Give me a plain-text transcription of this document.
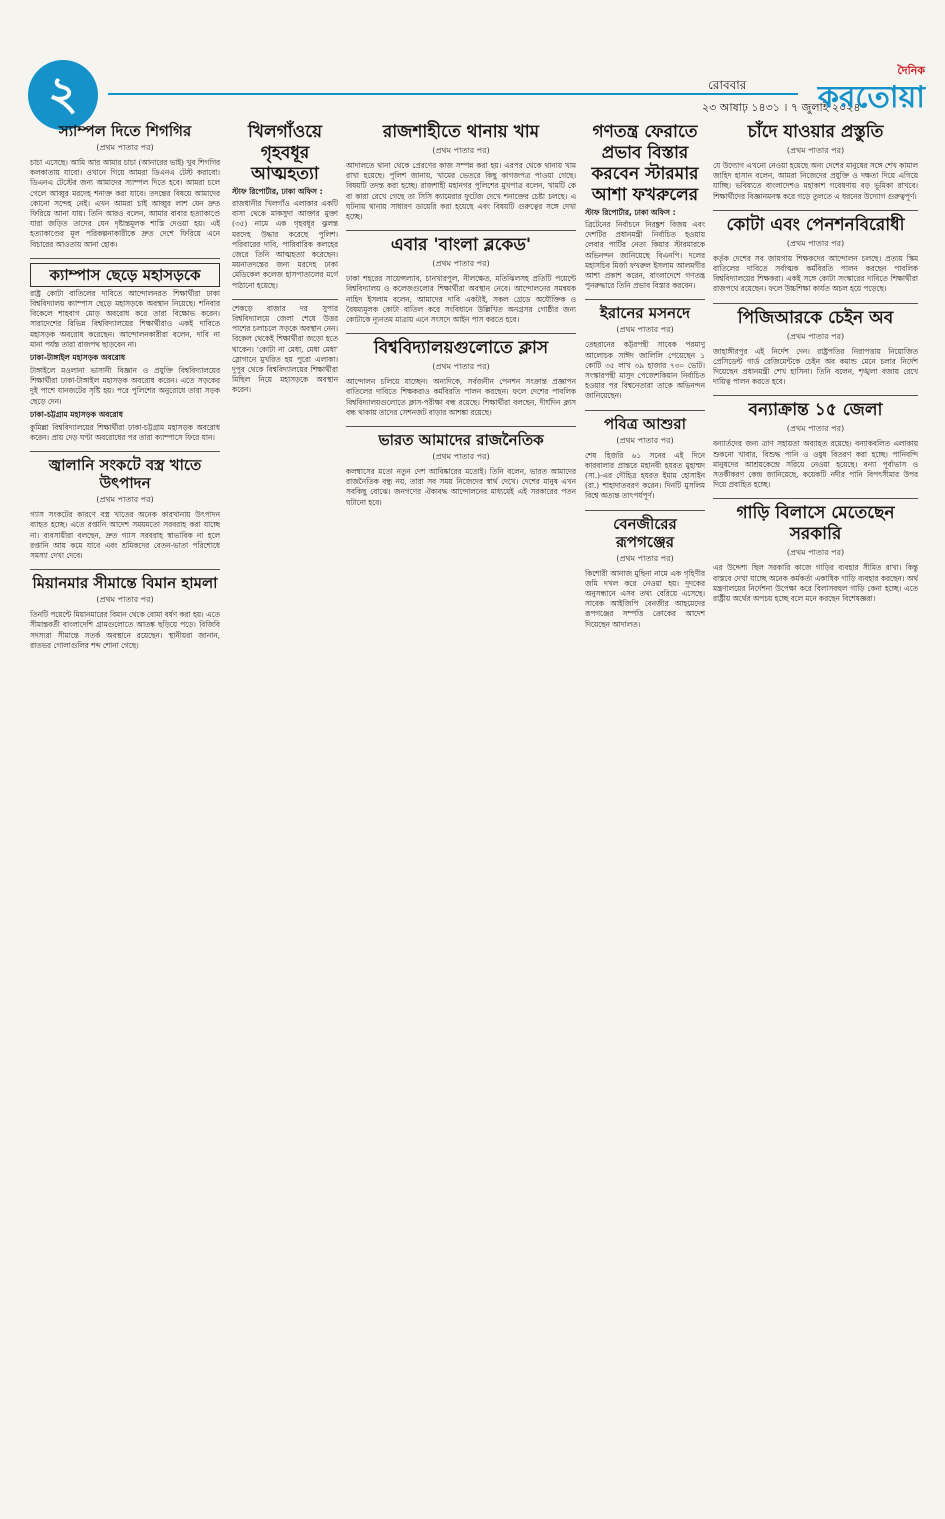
২	রোববার
২৩ আষাঢ় ১৪৩১ । ৭ জুলাই ২০২৪
দৈনিক
করতোয়া
স্যাম্পল দিতে শিগগির
(প্রথম পাতার পর)
চাচা এসেছে। আমি আর আমার চাচা (আনারের ভাই) খুব শিগগির কলকাতায় যাবো। ওখানে গিয়ে আমরা ডিএনএ টেস্ট করাবো। ডিএনএ টেস্টের জন্য আমাদের স্যাম্পল দিতে হবে। আমরা চলে গেলে আব্বুর মরদেহ শনাক্ত করা যাবে। তদন্তের বিষয়ে আমাদের কোনো সন্দেহ নেই। এখন আমরা চাই আব্বুর লাশ যেন দ্রুত ফিরিয়ে আনা যায়। তিনি আরও বলেন, আমার বাবার হত্যাকাণ্ডে যারা জড়িত তাদের যেন দৃষ্টান্তমূলক শাস্তি দেওয়া হয়। এই হত্যাকাণ্ডের মূল পরিকল্পনাকারীকে দ্রুত দেশে ফিরিয়ে এনে বিচারের আওতায় আনা হোক।
ক্যাম্পাস ছেড়ে মহাসড়কে
রাষ্ট্র কোটা বাতিলের দাবিতে আন্দোলনরত শিক্ষার্থীরা ঢাকা বিশ্ববিদ্যালয় ক্যাম্পাস ছেড়ে মহাসড়কে অবস্থান নিয়েছে। শনিবার বিকেলে শাহবাগ মোড় অবরোধ করে তারা বিক্ষোভ করেন। সারাদেশের বিভিন্ন বিশ্ববিদ্যালয়ের শিক্ষার্থীরাও একই দাবিতে মহাসড়ক অবরোধ করেছেন। আন্দোলনকারীরা বলেন, দাবি না মানা পর্যন্ত তারা রাজপথ ছাড়বেন না।
ঢাকা-টাঙ্গাইল মহাসড়ক অবরোধ
টাঙ্গাইলে মওলানা ভাসানী বিজ্ঞান ও প্রযুক্তি বিশ্ববিদ্যালয়ের শিক্ষার্থীরা ঢাকা-টাঙ্গাইল মহাসড়ক অবরোধ করেন। এতে সড়কের দুই পাশে যানজটের সৃষ্টি হয়। পরে পুলিশের অনুরোধে তারা সড়ক ছেড়ে দেন।
ঢাকা-চট্টগ্রাম মহাসড়ক অবরোধ
কুমিল্লা বিশ্ববিদ্যালয়ের শিক্ষার্থীরা ঢাকা-চট্টগ্রাম মহাসড়ক অবরোধ করেন। প্রায় দেড় ঘণ্টা অবরোধের পর তারা ক্যাম্পাসে ফিরে যান।
জ্বালানি সংকটে বস্ত্র খাতে উৎপাদন
(প্রথম পাতার পর)
গ্যাস সংকটের কারণে বস্ত্র খাতের অনেক কারখানায় উৎপাদন ব্যাহত হচ্ছে। এতে রপ্তানি আদেশ সময়মতো সরবরাহ করা যাচ্ছে না। ব্যবসায়ীরা বলছেন, দ্রুত গ্যাস সরবরাহ স্বাভাবিক না হলে রপ্তানি আয় কমে যাবে এবং শ্রমিকদের বেতন-ভাতা পরিশোধে সমস্যা দেখা দেবে।
মিয়ানমার সীমান্তে বিমান হামলা
(প্রথম পাতার পর)
তিনটি পয়েন্টে মিয়ানমারের বিমান থেকে বোমা বর্ষণ করা হয়। এতে সীমান্তবর্তী বাংলাদেশি গ্রামগুলোতে আতঙ্ক ছড়িয়ে পড়ে। বিজিবি সদস্যরা সীমান্তে সতর্ক অবস্থানে রয়েছেন। স্থানীয়রা জানান, রাতভর গোলাগুলির শব্দ শোনা গেছে।
খিলগাঁওয়ে গৃহবধূর আত্মহত্যা
স্টাফ রিপোর্টার, ঢাকা অফিস :
রাজধানীর খিলগাঁও এলাকার একটি বাসা থেকে মাকসুদা আক্তার মুক্তা (৩৫) নামে এক গৃহবধূর ঝুলন্ত মরদেহ উদ্ধার করেছে পুলিশ। পরিবারের দাবি, পারিবারিক কলহের জেরে তিনি আত্মহত্যা করেছেন। ময়নাতদন্তের জন্য মরদেহ ঢাকা মেডিকেল কলেজ হাসপাতালের মর্গে পাঠানো হয়েছে।
শেকড়ে বাজার দর সুপার বিশ্ববিদ্যালয়ে জেলা শেষে উত্তর পাশের চলাচলে সড়কে অবস্থান নেন। বিকেল থেকেই শিক্ষার্থীরা জড়ো হতে থাকেন। 'কোটা না মেধা, মেধা মেধা' স্লোগানে মুখরিত হয় পুরো এলাকা। দুপুর থেকে বিশ্ববিদ্যালয়ের শিক্ষার্থীরা মিছিল নিয়ে মহাসড়কে অবস্থান করেন।
রাজশাহীতে থানায় খাম
(প্রথম পাতার পর)
আদালতে থানা থেকে প্রেরণের কাজ সম্পন্ন করা হয়। এরপর থেকে থানায় খাম রাখা হয়েছে। পুলিশ জানায়, খামের ভেতরে কিছু কাগজপত্র পাওয়া গেছে। বিষয়টি তদন্ত করা হচ্ছে। রাজশাহী মহানগর পুলিশের মুখপাত্র বলেন, খামটি কে বা কারা রেখে গেছে তা সিসি ক্যামেরার ফুটেজ দেখে শনাক্তের চেষ্টা চলছে। এ ঘটনায় থানায় সাধারণ ডায়েরি করা হয়েছে এবং বিষয়টি গুরুত্বের সঙ্গে দেখা হচ্ছে।
এবার 'বাংলা ব্লকেড'
(প্রথম পাতার পর)
ঢাকা শহরের সায়েন্সল্যাব, চানখারপুল, নীলক্ষেত, মতিঝিলসহ প্রতিটি পয়েন্টে বিশ্ববিদ্যালয় ও কলেজগুলোর শিক্ষার্থীরা অবস্থান নেবে। আন্দোলনের সমন্বয়ক নাহিদ ইসলাম বলেন, আমাদের দাবি একটাই, সকল গ্রেডে অযৌক্তিক ও বৈষম্যমূলক কোটা বাতিল করে সংবিধানে উল্লিখিত অনগ্রসর গোষ্ঠীর জন্য কোটাকে ন্যূনতম মাত্রায় এনে সংসদে আইন পাস করতে হবে।
বিশ্ববিদ্যালয়গুলোতে ক্লাস
(প্রথম পাতার পর)
আন্দোলন চলিয়ে যাচ্ছেন। অন্যদিকে, সর্বজনীন পেনশন সংক্রান্ত প্রজ্ঞাপন বাতিলের দাবিতে শিক্ষকরাও কর্মবিরতি পালন করছেন। ফলে দেশের পাবলিক বিশ্ববিদ্যালয়গুলোতে ক্লাস-পরীক্ষা বন্ধ রয়েছে। শিক্ষার্থীরা বলছেন, দীর্ঘদিন ক্লাস বন্ধ থাকায় তাদের সেশনজট বাড়ার আশঙ্কা রয়েছে।
ভারত আমাদের রাজনৈতিক
(প্রথম পাতার পর)
কলম্বাসের মতো নতুন দেশ আবিষ্কারের মতোই। তিনি বলেন, ভারত আমাদের রাজনৈতিক বন্ধু নয়, তারা সব সময় নিজেদের স্বার্থ দেখে। দেশের মানুষ এখন সবকিছু বোঝে। জনগণের ঐক্যবদ্ধ আন্দোলনের মাধ্যমেই এই সরকারের পতন ঘটানো হবে।
গণতন্ত্র ফেরাতে প্রভাব বিস্তার করবেন স্টারমার আশা ফখরুলের
স্টাফ রিপোর্টার, ঢাকা অফিস :
ব্রিটেনের নির্বাচনে নিরঙ্কুশ বিজয় এবং দেশটির প্রধানমন্ত্রী নির্বাচিত হওয়ায় লেবার পার্টির নেতা কিয়ার স্টারমারকে অভিনন্দন জানিয়েছে বিএনপি। দলের মহাসচিব মির্জা ফখরুল ইসলাম আলমগীর আশা প্রকাশ করেন, বাংলাদেশে গণতন্ত্র পুনরুদ্ধারে তিনি প্রভাব বিস্তার করবেন।
ইরানের মসনদে
(প্রথম পাতার পর)
তেহরানের কট্টরপন্থী সাবেক পরমাণু আলোচক সাঈদ জালিলি পেয়েছেন ১ কোটি ৩৫ লাখ ৩৯ হাজার ৭৩০ ভোট। সংস্কারপন্থী মাসুদ পেজেশকিয়ান নির্বাচিত হওয়ার পর বিশ্বনেতারা তাকে অভিনন্দন জানিয়েছেন।
পবিত্র আশুরা
(প্রথম পাতার পর)
শেষ হিজরি ৬১ সনের এই দিনে কারবালার প্রান্তরে মহানবী হযরত মুহাম্মদ (সা.)-এর দৌহিত্র হযরত ইমাম হোসাইন (রা.) শাহাদাতবরণ করেন। দিনটি মুসলিম বিশ্বে অত্যন্ত তাৎপর্যপূর্ণ।
বেনজীরের রূপগঞ্জের
(প্রথম পাতার পর)
কিশোরী আনাজ মুছিনা নামে এক গৃহিণীর জমি দখল করে নেওয়া হয়। দুদকের অনুসন্ধানে এসব তথ্য বেরিয়ে এসেছে। সাবেক আইজিপি বেনজীর আহমেদের রূপগঞ্জের সম্পত্তি ক্রোকের আদেশ দিয়েছেন আদালত।
চাঁদে যাওয়ার প্রস্তুতি
(প্রথম পাতার পর)
যে উদ্যোগ এখনো নেওয়া হয়েছে অন্য দেশের মানুষের সঙ্গে শেখ কামাল জাহিদ হাসান বলেন, আমরা নিজেদের প্রযুক্তি ও দক্ষতা দিয়ে এগিয়ে যাচ্ছি। ভবিষ্যতে বাংলাদেশও মহাকাশ গবেষণায় বড় ভূমিকা রাখবে। শিক্ষার্থীদের বিজ্ঞানমনস্ক করে গড়ে তুলতে এ ধরনের উদ্যোগ গুরুত্বপূর্ণ।
কোটা এবং পেনশনবিরোধী
(প্রথম পাতার পর)
কর্তৃক দেশের সব জায়গায় শিক্ষকদের আন্দোলন চলছে। প্রত্যয় স্কিম বাতিলের দাবিতে সর্বাত্মক কর্মবিরতি পালন করছেন পাবলিক বিশ্ববিদ্যালয়ের শিক্ষকরা। একই সঙ্গে কোটা সংস্কারের দাবিতে শিক্ষার্থীরা রাজপথে রয়েছেন। ফলে উচ্চশিক্ষা কার্যত অচল হয়ে পড়েছে।
পিজিআরকে চেইন অব
(প্রথম পাতার পর)
জাহাঙ্গীরপুর এই নির্দেশ দেন। রাষ্ট্রপতির নিরাপত্তায় নিয়োজিত প্রেসিডেন্ট গার্ড রেজিমেন্টকে চেইন অব কমান্ড মেনে চলার নির্দেশ দিয়েছেন প্রধানমন্ত্রী শেখ হাসিনা। তিনি বলেন, শৃঙ্খলা বজায় রেখে দায়িত্ব পালন করতে হবে।
বন্যাক্রান্ত ১৫ জেলা
(প্রথম পাতার পর)
বন্যার্তদের জন্য ত্রাণ সহায়তা অব্যাহত রয়েছে। বন্যাকবলিত এলাকায় শুকনো খাবার, বিশুদ্ধ পানি ও ওষুধ বিতরণ করা হচ্ছে। পানিবন্দি মানুষদের আশ্রয়কেন্দ্রে সরিয়ে নেওয়া হয়েছে। বন্যা পূর্বাভাস ও সতর্কীকরণ কেন্দ্র জানিয়েছে, কয়েকটি নদীর পানি বিপৎসীমার উপর দিয়ে প্রবাহিত হচ্ছে।
গাড়ি বিলাসে মেতেছেন সরকারি
(প্রথম পাতার পর)
এর উদ্দেশ্য ছিল সরকারি কাজে গাড়ির ব্যবহার সীমিত রাখা। কিন্তু বাস্তবে দেখা যাচ্ছে অনেক কর্মকর্তা একাধিক গাড়ি ব্যবহার করছেন। অর্থ মন্ত্রণালয়ের নির্দেশনা উপেক্ষা করে বিলাসবহুল গাড়ি কেনা হচ্ছে। এতে রাষ্ট্রীয় অর্থের অপচয় হচ্ছে বলে মনে করছেন বিশেষজ্ঞরা।
